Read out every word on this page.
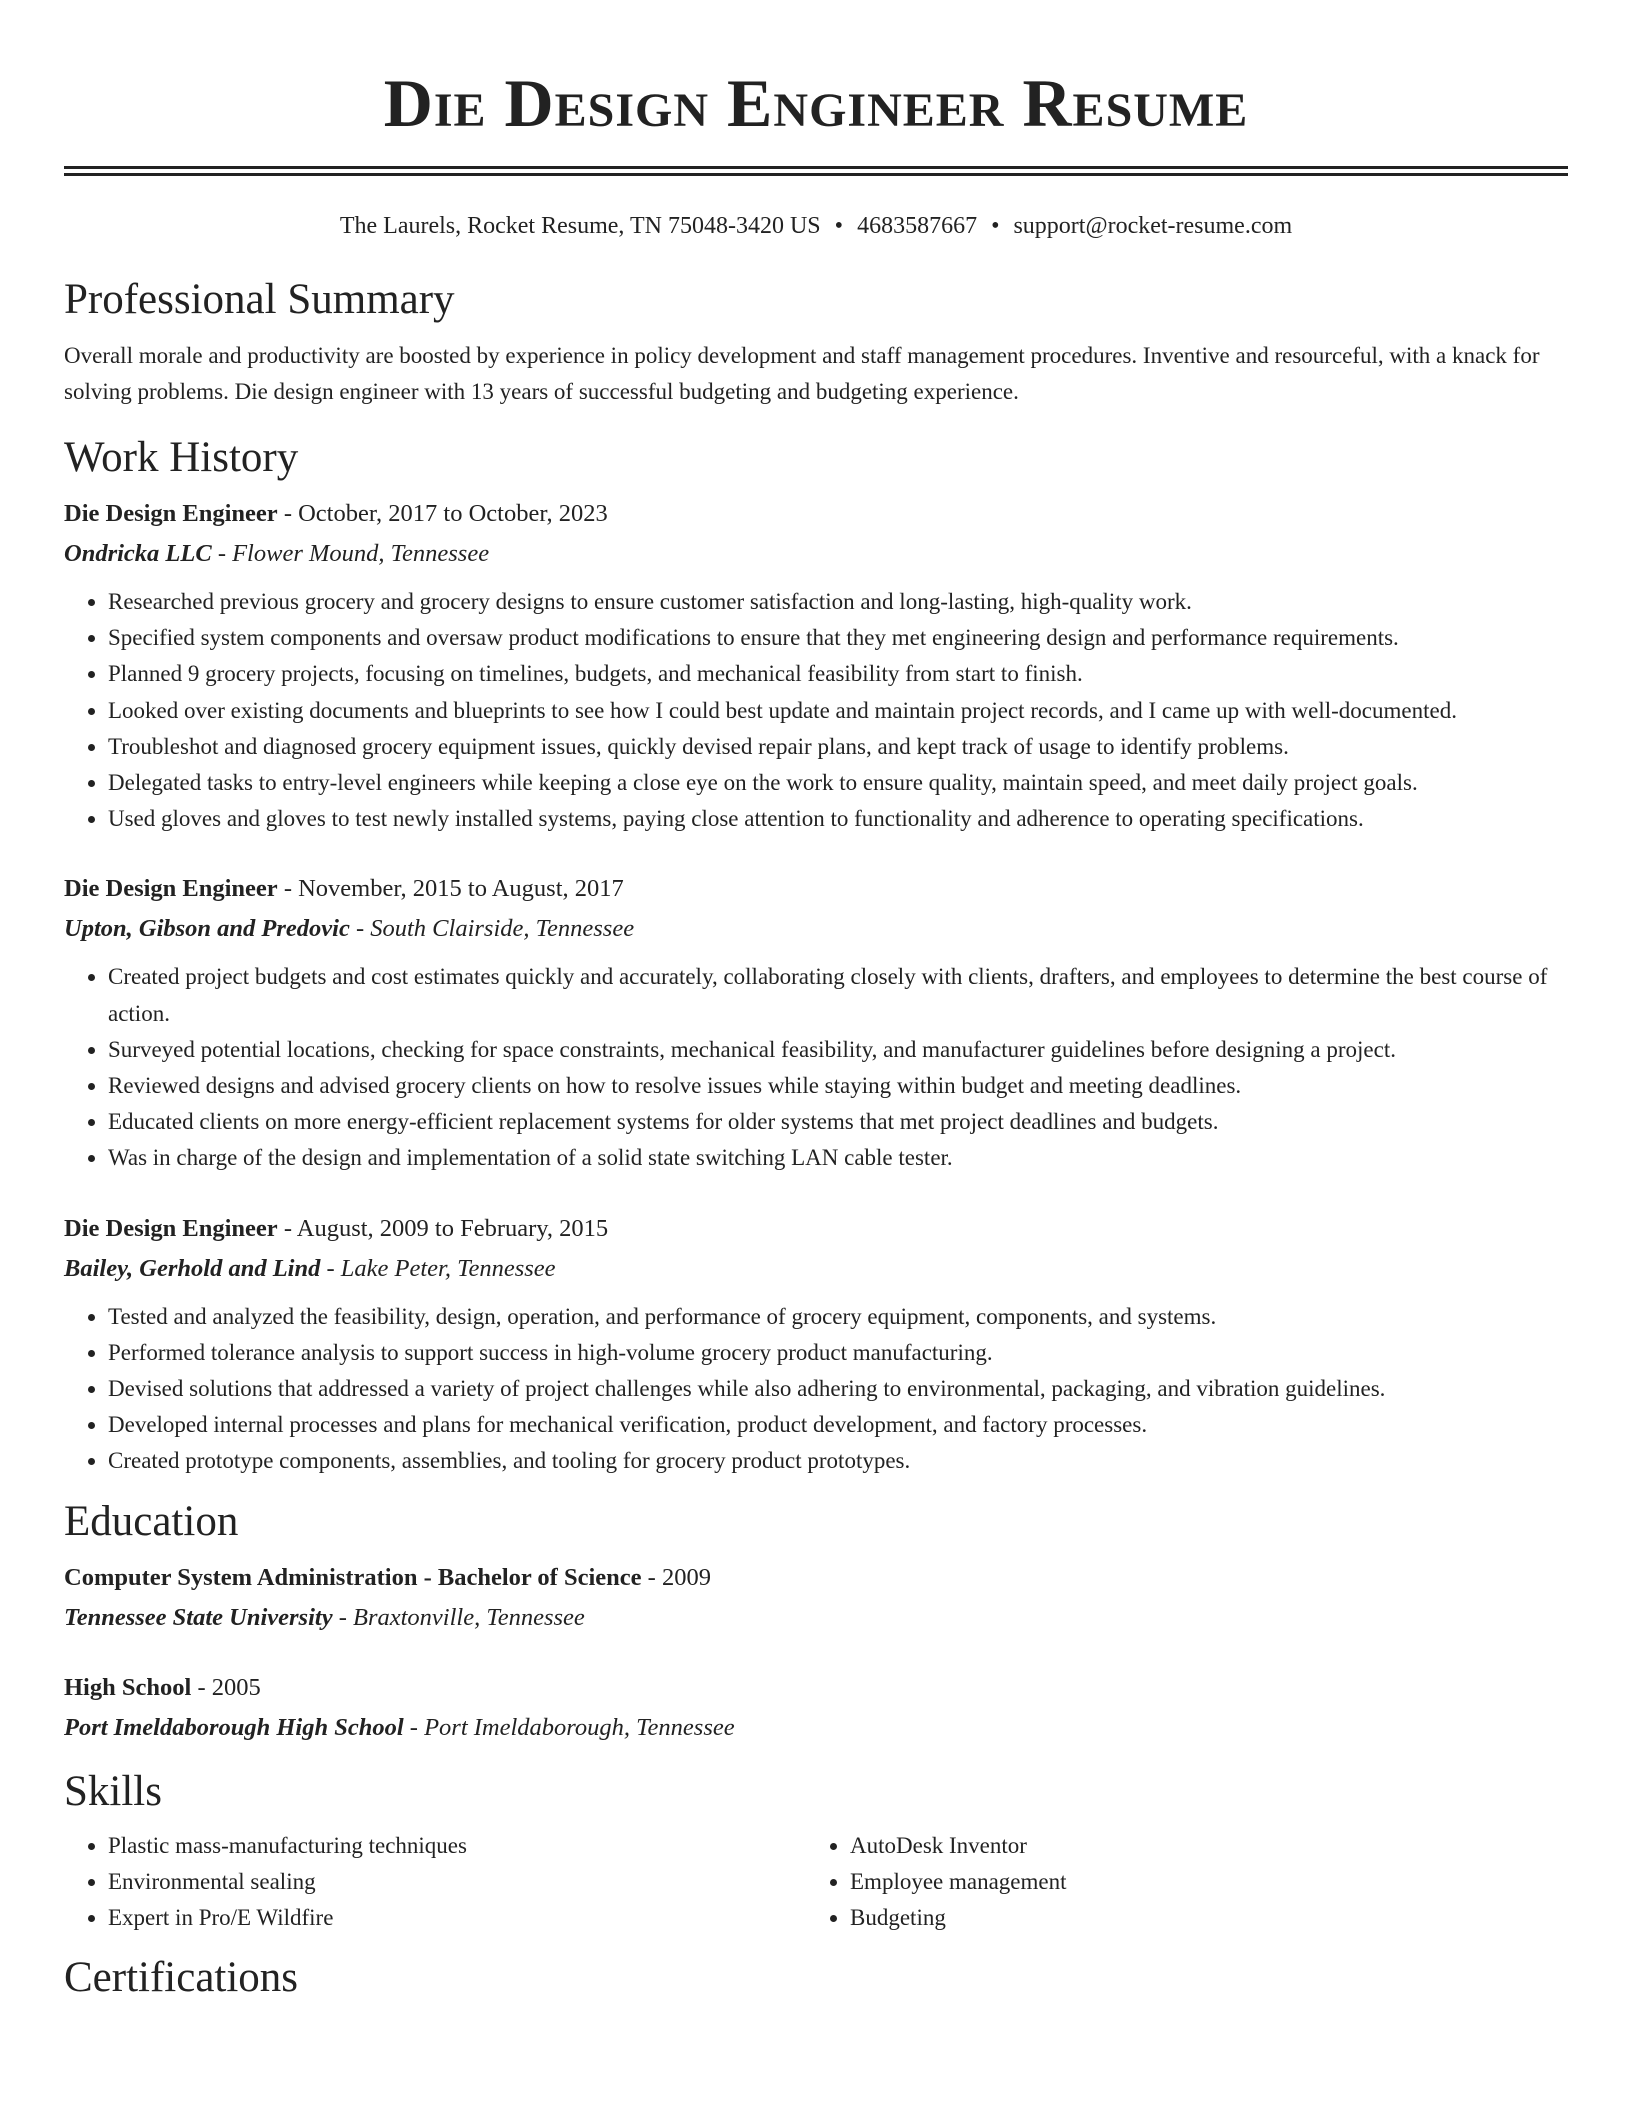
Die Design Engineer Resume
The Laurels, Rocket Resume, TN 75048-3420 US • 4683587667 • support@rocket-resume.com
Professional Summary

Overall morale and productivity are boosted by experience in policy development and staff management procedures. Inventive and resourceful, with a knack for solving problems. Die design engineer with 13 years of successful budgeting and budgeting experience.

Work History
Die Design Engineer - October, 2017 to October, 2023
Ondricka LLC - Flower Mound, Tennessee
• Researched previous grocery and grocery designs to ensure customer satisfaction and long-lasting, high-quality work.
• Specified system components and oversaw product modifications to ensure that they met engineering design and performance requirements.
• Planned 9 grocery projects, focusing on timelines, budgets, and mechanical feasibility from start to finish.
• Looked over existing documents and blueprints to see how I could best update and maintain project records, and I came up with well-documented.
• Troubleshot and diagnosed grocery equipment issues, quickly devised repair plans, and kept track of usage to identify problems.
• Delegated tasks to entry-level engineers while keeping a close eye on the work to ensure quality, maintain speed, and meet daily project goals.
• Used gloves and gloves to test newly installed systems, paying close attention to functionality and adherence to operating specifications.
Die Design Engineer - November, 2015 to August, 2017
Upton, Gibson and Predovic - South Clairside, Tennessee
• Created project budgets and cost estimates quickly and accurately, collaborating closely with clients, drafters, and employees to determine the best course of action.
• Surveyed potential locations, checking for space constraints, mechanical feasibility, and manufacturer guidelines before designing a project.
• Reviewed designs and advised grocery clients on how to resolve issues while staying within budget and meeting deadlines.
• Educated clients on more energy-efficient replacement systems for older systems that met project deadlines and budgets.
• Was in charge of the design and implementation of a solid state switching LAN cable tester.
Die Design Engineer - August, 2009 to February, 2015
Bailey, Gerhold and Lind - Lake Peter, Tennessee
• Tested and analyzed the feasibility, design, operation, and performance of grocery equipment, components, and systems.
• Performed tolerance analysis to support success in high-volume grocery product manufacturing.
• Devised solutions that addressed a variety of project challenges while also adhering to environmental, packaging, and vibration guidelines.
• Developed internal processes and plans for mechanical verification, product development, and factory processes.
• Created prototype components, assemblies, and tooling for grocery product prototypes.
Education
Computer System Administration - Bachelor of Science - 2009
Tennessee State University - Braxtonville, Tennessee
High School - 2005
Port Imeldaborough High School - Port Imeldaborough, Tennessee
Skills
• Plastic mass-manufacturing techniques
• Environmental sealing
• Expert in Pro/E Wildfire
• AutoDesk Inventor
• Employee management
• Budgeting
Certifications
